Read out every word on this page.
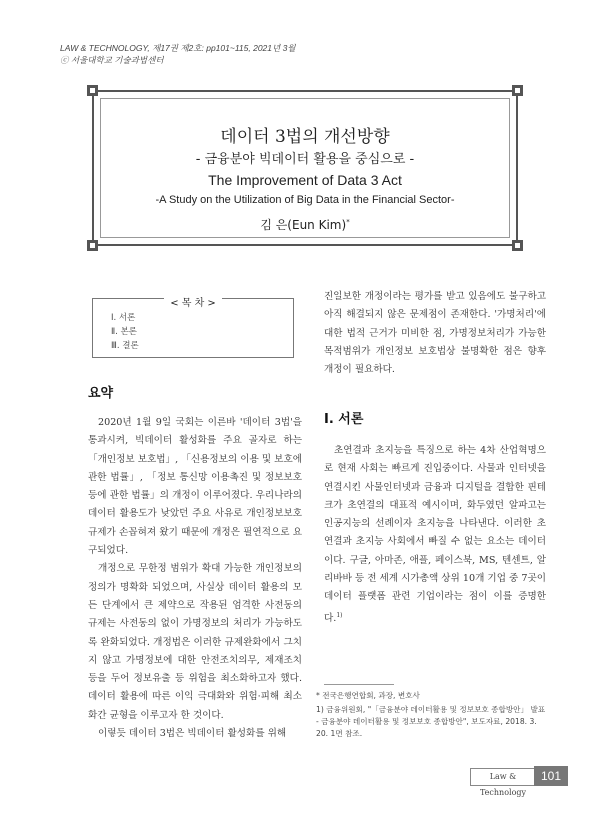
LAW & TECHNOLOGY, 제17권 제2호: pp101~115, 2021년 3월
ⓒ 서울대학교 기술과법센터
데이터 3법의 개선방향
- 금융분야 빅데이터 활용을 중심으로 -
The Improvement of Data 3 Act
-A Study on the Utilization of Big Data in the Financial Sector-
김 은(Eun Kim)*
< 목 차 >
Ⅰ. 서론
Ⅱ. 본론
Ⅲ. 결론
요약

2020년 1월 9일 국회는 이른바 '데이터 3법'을 통과시켜, 빅데이터 활성화를 주요 골자로 하는 「개인정보 보호법」, 「신용정보의 이용 및 보호에 관한 법률」, 「정보 통신망 이용촉진 및 정보보호 등에 관한 법률」의 개정이 이루어졌다. 우리나라의 데이터 활용도가 낮았던 주요 사유로 개인정보보호 규제가 손꼽혀져 왔기 때문에 개정은 필연적으로 요구되었다.

개정으로 무한정 범위가 확대 가능한 개인정보의 정의가 명확화 되었으며, 사실상 데이터 활용의 모든 단계에서 큰 제약으로 작용된 엄격한 사전동의 규제는 사전동의 없이 가명정보의 처리가 가능하도록 완화되었다. 개정법은 이러한 규제완화에서 그치지 않고 가명정보에 대한 안전조치의무, 제재조치 등을 두어 정보유출 등 위험을 최소화하고자 했다. 데이터 활용에 따른 이익 극대화와 위험·피해 최소화간 균형을 이루고자 한 것이다.

이렇듯 데이터 3법은 빅데이터 활성화를 위해

진일보한 개정이라는 평가를 받고 있음에도 불구하고 아직 해결되지 않은 문제점이 존재한다. '가명처리'에 대한 법적 근거가 미비한 점, 가명정보처리가 가능한 목적범위가 개인정보 보호법상 불명확한 점은 향후 개정이 필요하다.

Ⅰ. 서론

초연결과 초지능을 특징으로 하는 4차 산업혁명으로 현재 사회는 빠르게 진입중이다. 사물과 인터넷을 연결시킨 사물인터넷과 금융과 디지털을 결합한 핀테크가 초연결의 대표적 예시이며, 화두였던 알파고는 인공지능의 선례이자 초지능을 나타낸다. 이러한 초연결과 초지능 사회에서 빠질 수 없는 요소는 데이터이다. 구글, 아마존, 애플, 페이스북, MS, 텐센트, 알리바바 등 전 세계 시가총액 상위 10개 기업 중 7곳이 데이터 플랫폼 관련 기업이라는 점이 이를 증명한다.$^{1)}$

* 전국은행연합회, 과장, 변호사
1) 금융위원회, "「금융분야 데이터활용 및 정보보호 종합방안」 발표 - 금융분야 데이터활용 및 정보보호 종합방안", 보도자료, 2018. 3. 20. 1면 참조.
Law & Technology
101
